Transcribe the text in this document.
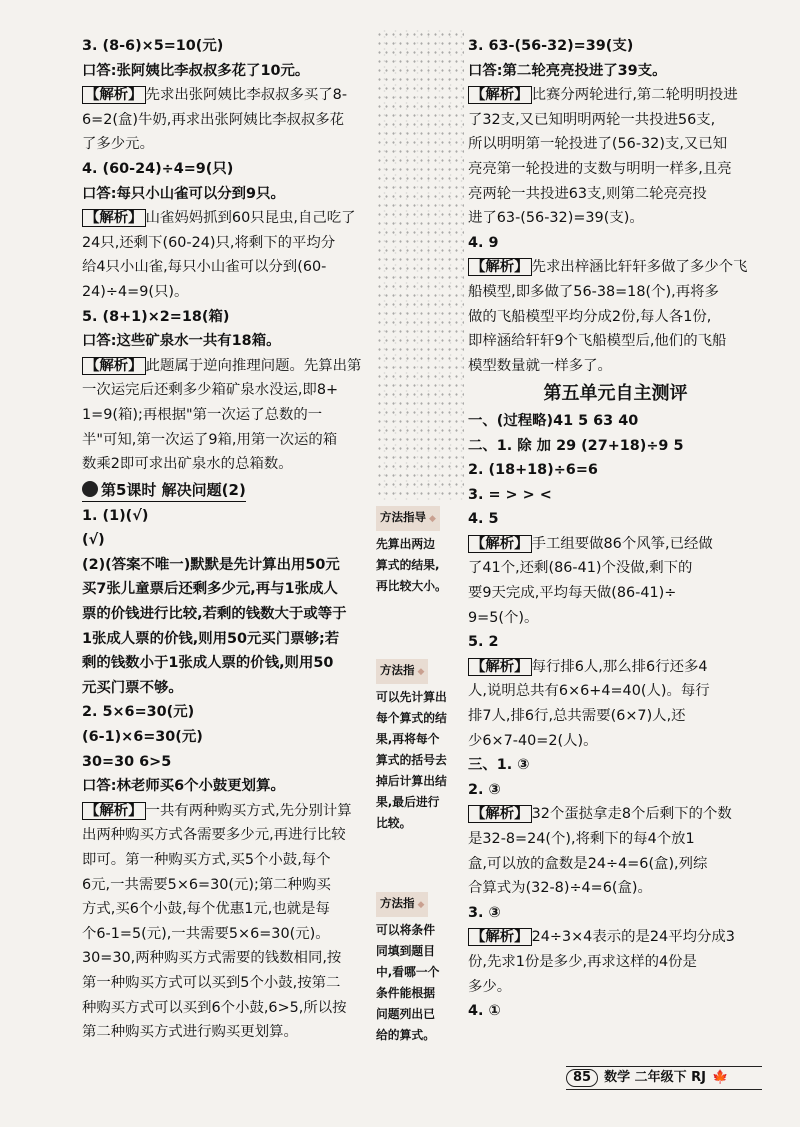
3. (8-6)×5=10(元)
口答:张阿姨比李叔叔多花了10元。
【解析】 先求出张阿姨比李叔叔多买了8-
6=2(盒)牛奶,再求出张阿姨比李叔叔多花
了多少元。
4. (60-24)÷4=9(只)
口答:每只小山雀可以分到9只。
【解析】 山雀妈妈抓到60只昆虫,自己吃了
24只,还剩下(60-24)只,将剩下的平均分
给4只小山雀,每只小山雀可以分到(60-
24)÷4=9(只)。
5. (8+1)×2=18(箱)
口答:这些矿泉水一共有18箱。
【解析】 此题属于逆向推理问题。先算出第
一次运完后还剩多少箱矿泉水没运,即8+
1=9(箱);再根据"第一次运了总数的一
半"可知,第一次运了9箱,用第一次运的箱
数乘2即可求出矿泉水的总箱数。
第5课时 解决问题(2)
1. (1)(√)
(√)
(2)(答案不唯一)默默是先计算出用50元
买7张儿童票后还剩多少元,再与1张成人
票的价钱进行比较,若剩的钱数大于或等于
1张成人票的价钱,则用50元买门票够;若
剩的钱数小于1张成人票的价钱,则用50
元买门票不够。
2. 5×6=30(元)
(6-1)×6=30(元)
30=30 6>5
口答:林老师买6个小鼓更划算。
【解析】 一共有两种购买方式,先分别计算
出两种购买方式各需要多少元,再进行比较
即可。第一种购买方式,买5个小鼓,每个
6元,一共需要5×6=30(元);第二种购买
方式,买6个小鼓,每个优惠1元,也就是每
个6-1=5(元),一共需要5×6=30(元)。
30=30,两种购买方式需要的钱数相同,按
第一种购买方式可以买到5个小鼓,按第二
种购买方式可以买到6个小鼓,6>5,所以按
第二种购买方式进行购买更划算。
方法指导 ◆
先算出两边
算式的结果,
再比较大小。
方法指 ◆
可以先计算出
每个算式的结
果,再将每个
算式的括号去
掉后计算出结
果,最后进行
比较。
方法指 ◆
可以将条件
同填到题目
中,看哪一个
条件能根据
问题列出已
给的算式。
3. 63-(56-32)=39(支)
口答:第二轮亮亮投进了39支。
【解析】 比赛分两轮进行,第二轮明明投进
了32支,又已知明明两轮一共投进56支,
所以明明第一轮投进了(56-32)支,又已知
亮亮第一轮投进的支数与明明一样多,且亮
亮两轮一共投进63支,则第二轮亮亮投
进了63-(56-32)=39(支)。
4. 9
【解析】 先求出梓涵比轩轩多做了多少个飞
船模型,即多做了56-38=18(个),再将多
做的飞船模型平均分成2份,每人各1份,
即梓涵给轩轩9个飞船模型后,他们的飞船
模型数量就一样多了。
第五单元自主测评
一、(过程略)41 5 63 40
二、1. 除 加 29 (27+18)÷9 5
2. (18+18)÷6=6
3. = > > <
4. 5
【解析】 手工组要做86个风筝,已经做
了41个,还剩(86-41)个没做,剩下的
要9天完成,平均每天做(86-41)÷
9=5(个)。
5. 2
【解析】 每行排6人,那么排6行还多4
人,说明总共有6×6+4=40(人)。每行
排7人,排6行,总共需要(6×7)人,还
少6×7-40=2(人)。
三、1. ③
2. ③
【解析】 32个蛋挞拿走8个后剩下的个数
是32-8=24(个),将剩下的每4个放1
盒,可以放的盒数是24÷4=6(盒),列综
合算式为(32-8)÷4=6(盒)。
3. ③
【解析】 24÷3×4表示的是24平均分成3
份,先求1份是多少,再求这样的4份是
多少。
4. ①
85	数学 二年级下 RJ 🍁
